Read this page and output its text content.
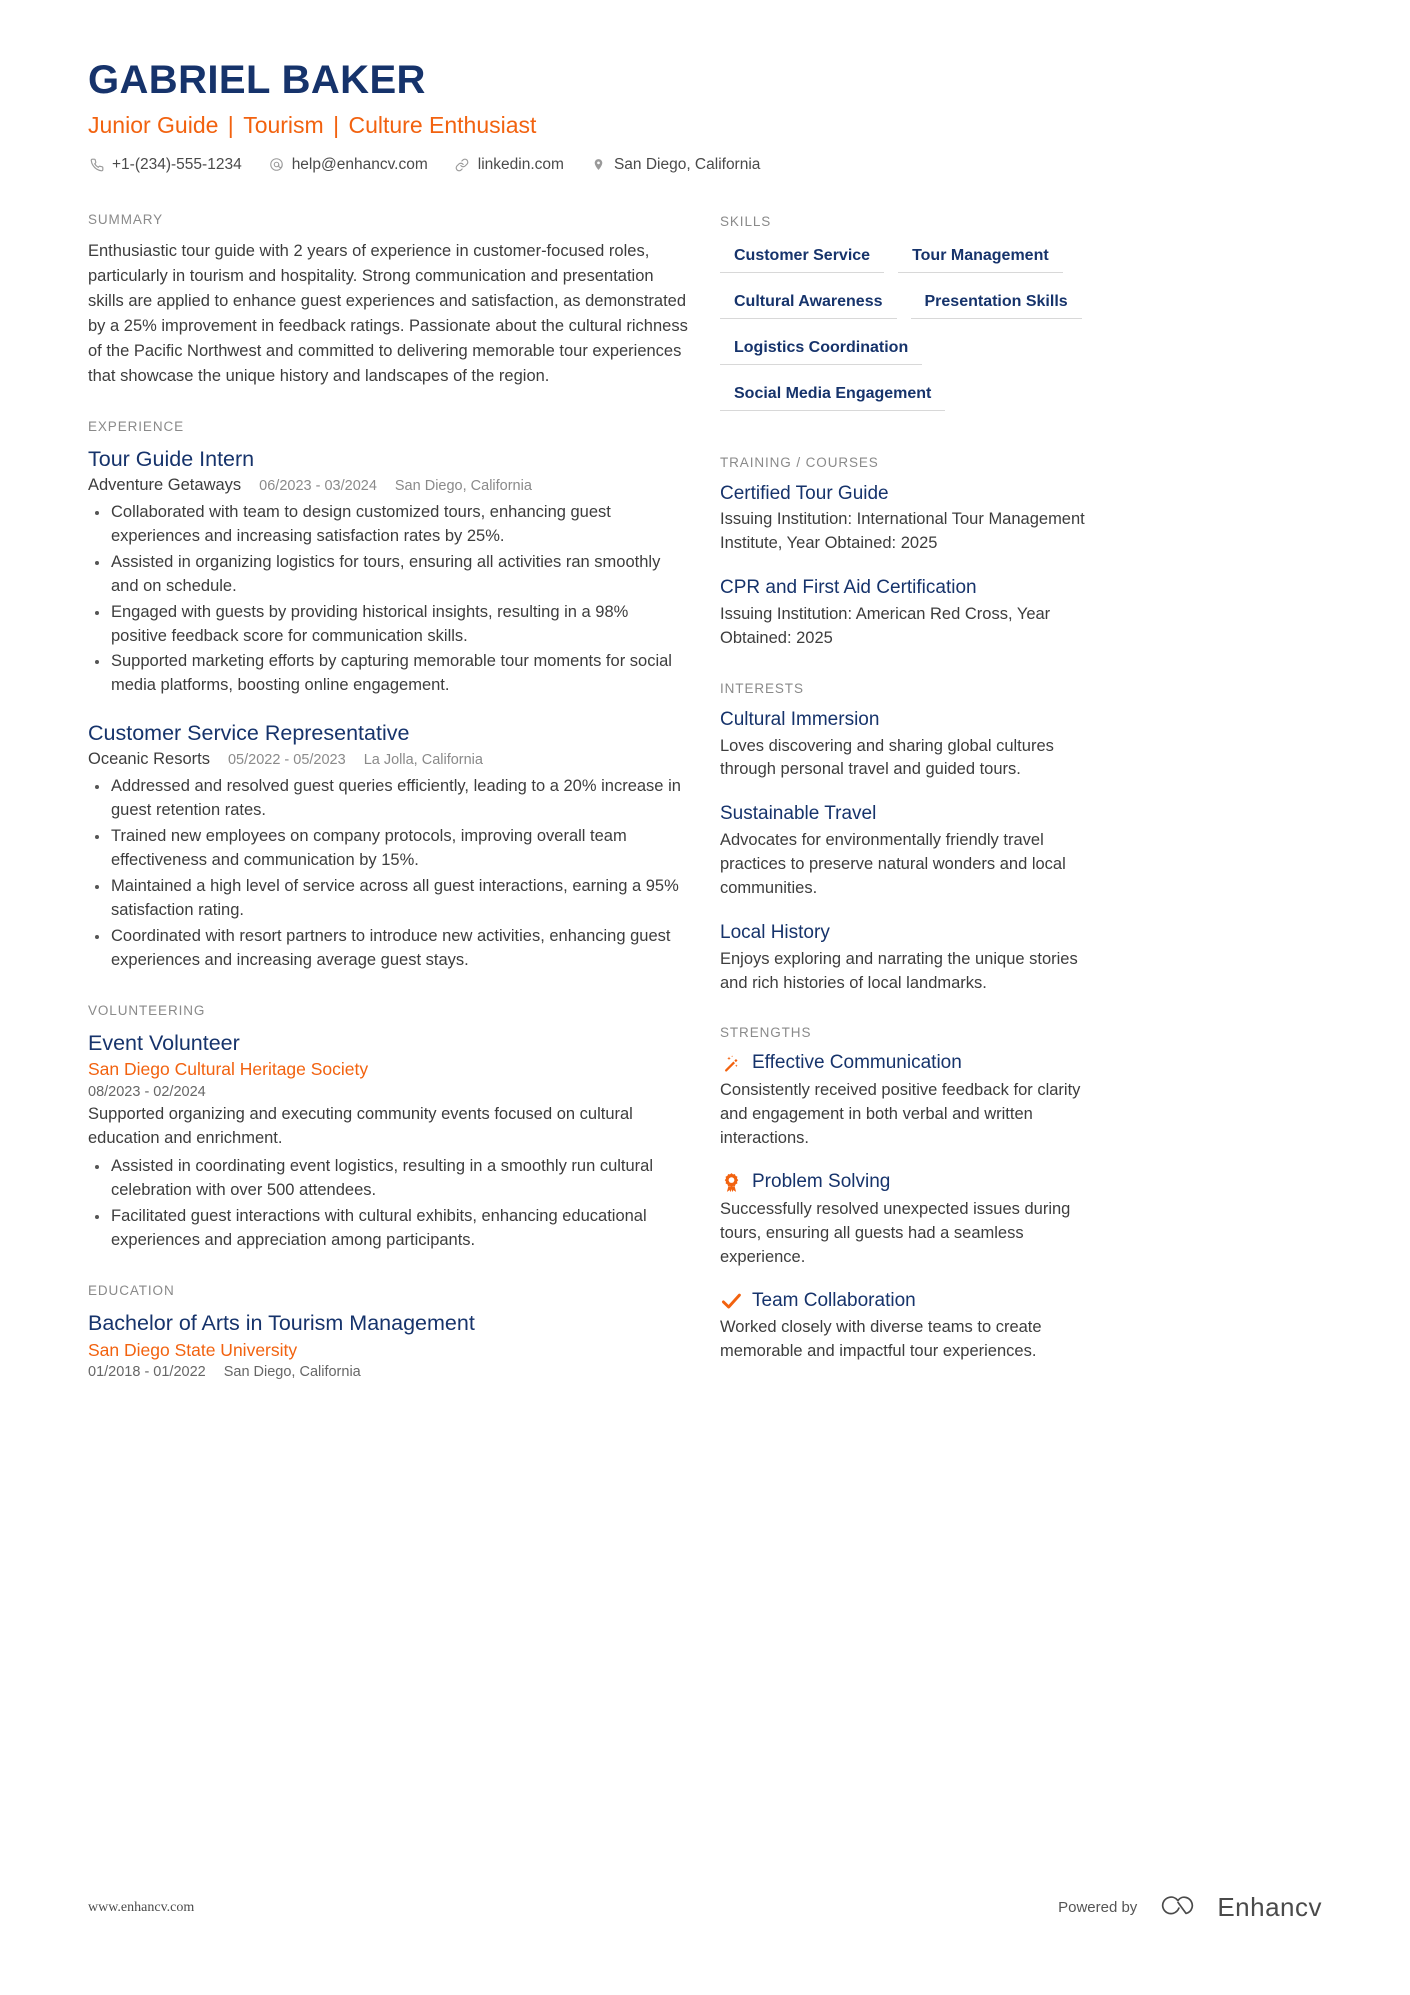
GABRIEL BAKER
Junior Guide | Tourism | Culture Enthusiast
+1-(234)-555-1234	help@enhancv.com	linkedin.com	San Diego, California
SUMMARY
Enthusiastic tour guide with 2 years of experience in customer-focused roles, particularly in tourism and hospitality. Strong communication and presentation skills are applied to enhance guest experiences and satisfaction, as demonstrated by a 25% improvement in feedback ratings. Passionate about the cultural richness of the Pacific Northwest and committed to delivering memorable tour experiences that showcase the unique history and landscapes of the region.
EXPERIENCE
Tour Guide Intern
Adventure Getaways 06/2023 - 03/2024 San Diego, California
Collaborated with team to design customized tours, enhancing guest experiences and increasing satisfaction rates by 25%.
Assisted in organizing logistics for tours, ensuring all activities ran smoothly and on schedule.
Engaged with guests by providing historical insights, resulting in a 98% positive feedback score for communication skills.
Supported marketing efforts by capturing memorable tour moments for social media platforms, boosting online engagement.
Customer Service Representative
Oceanic Resorts 05/2022 - 05/2023 La Jolla, California
Addressed and resolved guest queries efficiently, leading to a 20% increase in guest retention rates.
Trained new employees on company protocols, improving overall team effectiveness and communication by 15%.
Maintained a high level of service across all guest interactions, earning a 95% satisfaction rating.
Coordinated with resort partners to introduce new activities, enhancing guest experiences and increasing average guest stays.
VOLUNTEERING
Event Volunteer
San Diego Cultural Heritage Society
08/2023 - 02/2024
Supported organizing and executing community events focused on cultural education and enrichment.
Assisted in coordinating event logistics, resulting in a smoothly run cultural celebration with over 500 attendees.
Facilitated guest interactions with cultural exhibits, enhancing educational experiences and appreciation among participants.
EDUCATION
Bachelor of Arts in Tourism Management
San Diego State University
01/2018 - 01/2022 San Diego, California
SKILLS
Customer Service	Tour Management
Cultural Awareness	Presentation Skills
Logistics Coordination
Social Media Engagement
TRAINING / COURSES
Certified Tour Guide
Issuing Institution: International Tour Management Institute, Year Obtained: 2025
CPR and First Aid Certification
Issuing Institution: American Red Cross, Year Obtained: 2025
INTERESTS
Cultural Immersion
Loves discovering and sharing global cultures through personal travel and guided tours.
Sustainable Travel
Advocates for environmentally friendly travel practices to preserve natural wonders and local communities.
Local History
Enjoys exploring and narrating the unique stories and rich histories of local landmarks.
STRENGTHS
Effective Communication
Consistently received positive feedback for clarity and engagement in both verbal and written interactions.
Problem Solving
Successfully resolved unexpected issues during tours, ensuring all guests had a seamless experience.
Team Collaboration
Worked closely with diverse teams to create memorable and impactful tour experiences.
www.enhancv.com	Powered by	Enhancv
